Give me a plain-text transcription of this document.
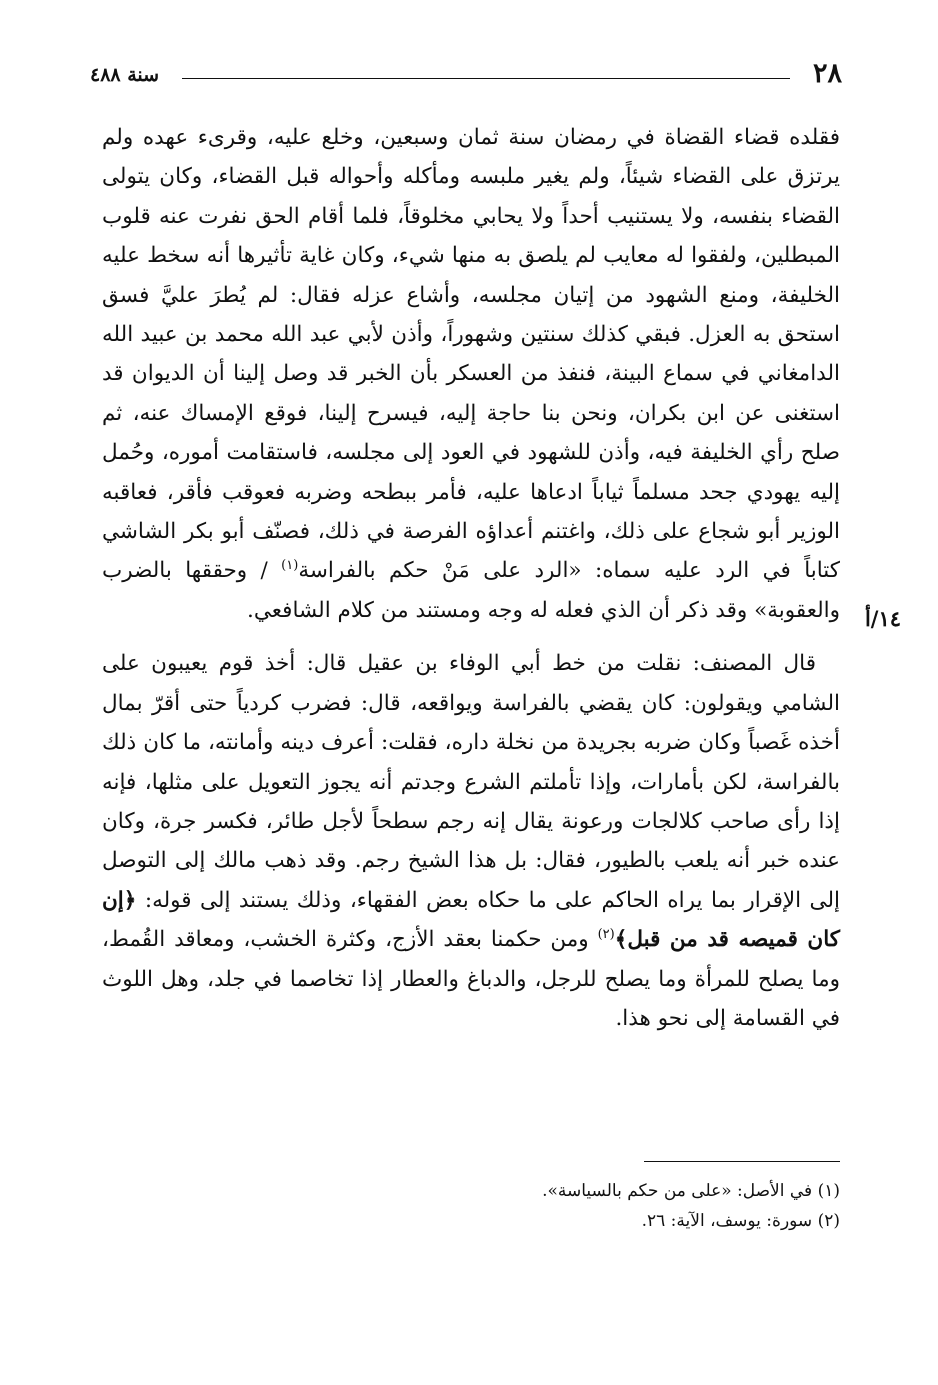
٢٨
سنة ٤٨٨
١٤/أ

فقلده قضاء القضاة في رمضان سنة ثمان وسبعين، وخلع عليه، وقرىء عهده ولم يرتزق على القضاء شيئاً، ولم يغير ملبسه ومأكله وأحواله قبل القضاء، وكان يتولى القضاء بنفسه، ولا يستنيب أحداً ولا يحابي مخلوقاً، فلما أقام الحق نفرت عنه قلوب المبطلين، ولفقوا له معايب لم يلصق به منها شيء، وكان غاية تأثيرها أنه سخط عليه الخليفة، ومنع الشهود من إتيان مجلسه، وأشاع عزله فقال: لم يُطرَ عليَّ فسق استحق به العزل. فبقي كذلك سنتين وشهوراً، وأذن لأبي عبد الله محمد بن عبيد الله الدامغاني في سماع البينة، فنفذ من العسكر بأن الخبر قد وصل إلينا أن الديوان قد استغنى عن ابن بكران، ونحن بنا حاجة إليه، فيسرح إلينا، فوقع الإمساك عنه، ثم صلح رأي الخليفة فيه، وأذن للشهود في العود إلى مجلسه، فاستقامت أموره، وحُمل إليه يهودي جحد مسلماً ثياباً ادعاها عليه، فأمر ببطحه وضربه فعوقب فأقر، فعاقبه الوزير أبو شجاع على ذلك، واغتنم أعداؤه الفرصة في ذلك، فصنّف أبو بكر الشاشي كتاباً في الرد عليه سماه: «الرد على مَنْ حكم بالفراسة$^{(١)}$ / وحققها بالضرب والعقوبة» وقد ذكر أن الذي فعله له وجه ومستند من كلام الشافعي.

قال المصنف: نقلت من خط أبي الوفاء بن عقيل قال: أخذ قوم يعيبون على الشامي ويقولون: كان يقضي بالفراسة ويواقعه، قال: فضرب كردياً حتى أقرّ بمال أخذه غَصباً وكان ضربه بجريدة من نخلة داره، فقلت: أعرف دينه وأمانته، ما كان ذلك بالفراسة، لكن بأمارات، وإذا تأملتم الشرع وجدتم أنه يجوز التعويل على مثلها، فإنه إذا رأى صاحب كلالجات ورعونة يقال إنه رجم سطحاً لأجل طائر، فكسر جرة، وكان عنده خبر أنه يلعب بالطيور، فقال: بل هذا الشيخ رجم. وقد ذهب مالك إلى التوصل إلى الإقرار بما يراه الحاكم على ما حكاه بعض الفقهاء، وذلك يستند إلى قوله: ﴿إن كان قميصه قد من قبل﴾$^{(٢)}$ ومن حكمنا بعقد الأزج، وكثرة الخشب، ومعاقد القُمط، وما يصلح للمرأة وما يصلح للرجل، والدباغ والعطار إذا تخاصما في جلد، وهل اللوث في القسامة إلى نحو هذا.

(١) في الأصل: «على من حكم بالسياسة».

(٢) سورة: يوسف، الآية: ٢٦.
